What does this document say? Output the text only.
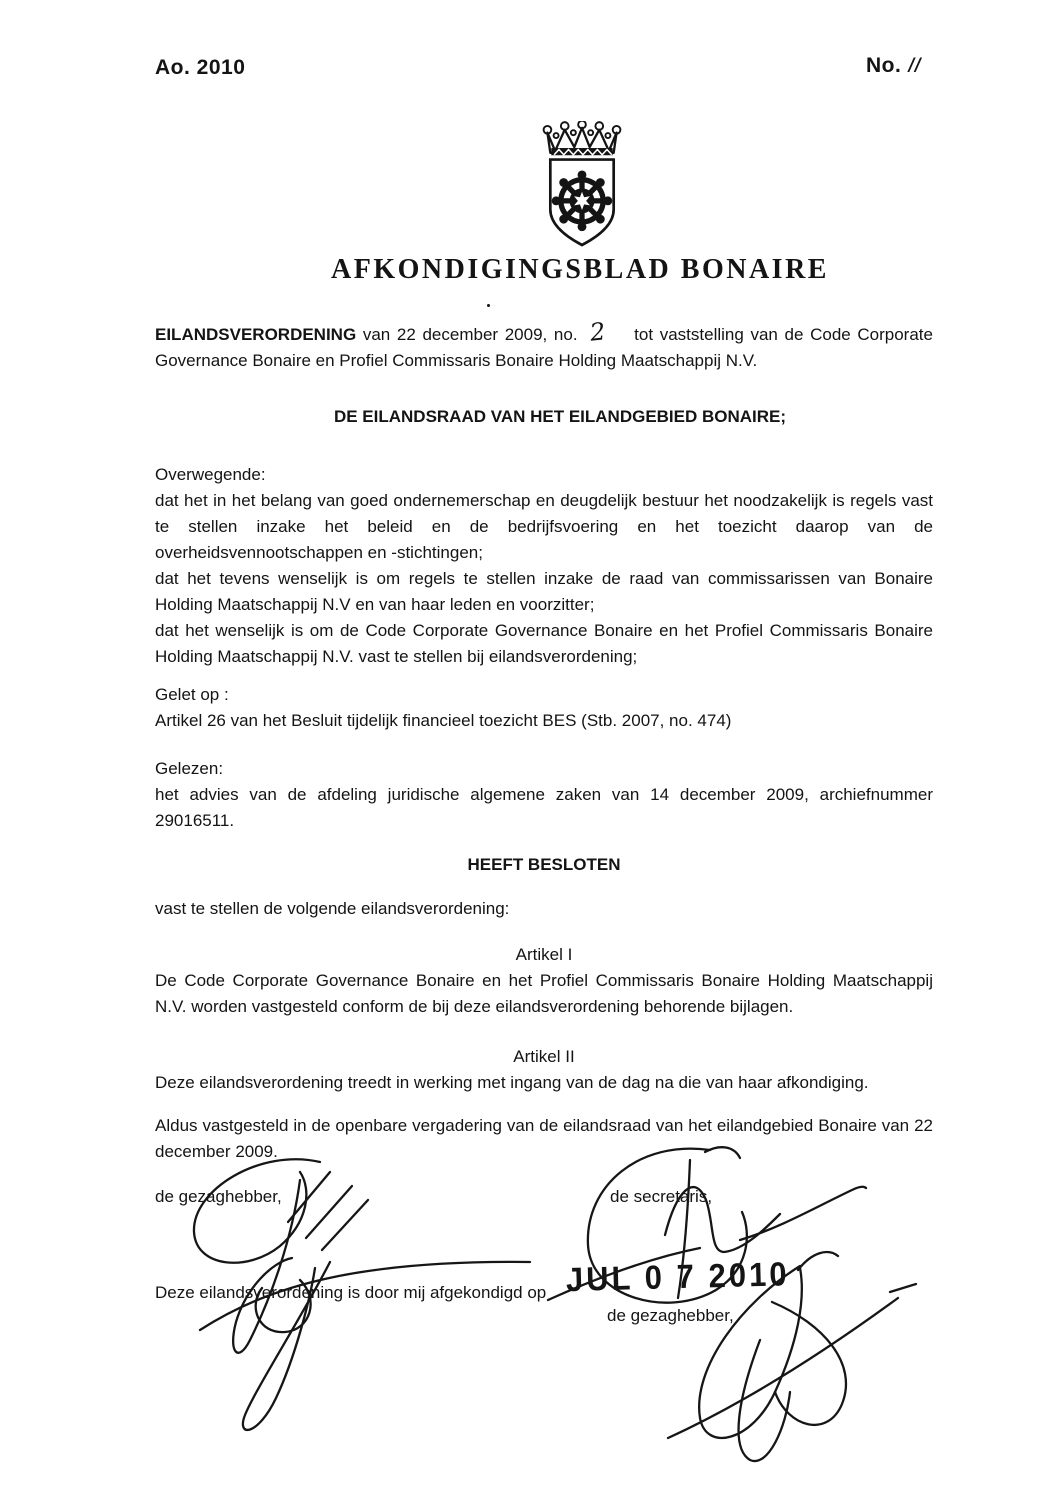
Ao. 2010	No. II
AFKONDIGINGSBLAD BONAIRE

EILANDSVERORDENING van 22 december 2009, no. 2 tot vaststelling van de Code Corporate Governance Bonaire en Profiel Commissaris Bonaire Holding Maatschappij N.V.

DE EILANDSRAAD VAN HET EILANDGEBIED BONAIRE;
Overwegende:

dat het in het belang van goed ondernemerschap en deugdelijk bestuur het noodzakelijk is regels vast te stellen inzake het beleid en de bedrijfsvoering en het toezicht daarop van de overheidsvennootschappen en -stichtingen;

dat het tevens wenselijk is om regels te stellen inzake de raad van commissarissen van Bonaire Holding Maatschappij N.V en van haar leden en voorzitter;

dat het wenselijk is om de Code Corporate Governance Bonaire en het Profiel Commissaris Bonaire Holding Maatschappij N.V. vast te stellen bij eilandsverordening;

Gelet op :
Artikel 26 van het Besluit tijdelijk financieel toezicht BES (Stb. 2007, no. 474)
Gelezen:

het advies van de afdeling juridische algemene zaken van 14 december 2009, archiefnummer 29016511.

HEEFT BESLOTEN
vast te stellen de volgende eilandsverordening:
Artikel I

De Code Corporate Governance Bonaire en het Profiel Commissaris Bonaire Holding Maatschappij N.V. worden vastgesteld conform de bij deze eilandsverordening behorende bijlagen.

Artikel II

Deze eilandsverordening treedt in werking met ingang van de dag na die van haar afkondiging.

Aldus vastgesteld in de openbare vergadering van de eilandsraad van het eilandgebied Bonaire van 22 december 2009.

de gezaghebber,	de secretaris,
Deze eilandsverordening is door mij afgekondigd op JUL 0 7 2010
de gezaghebber,
